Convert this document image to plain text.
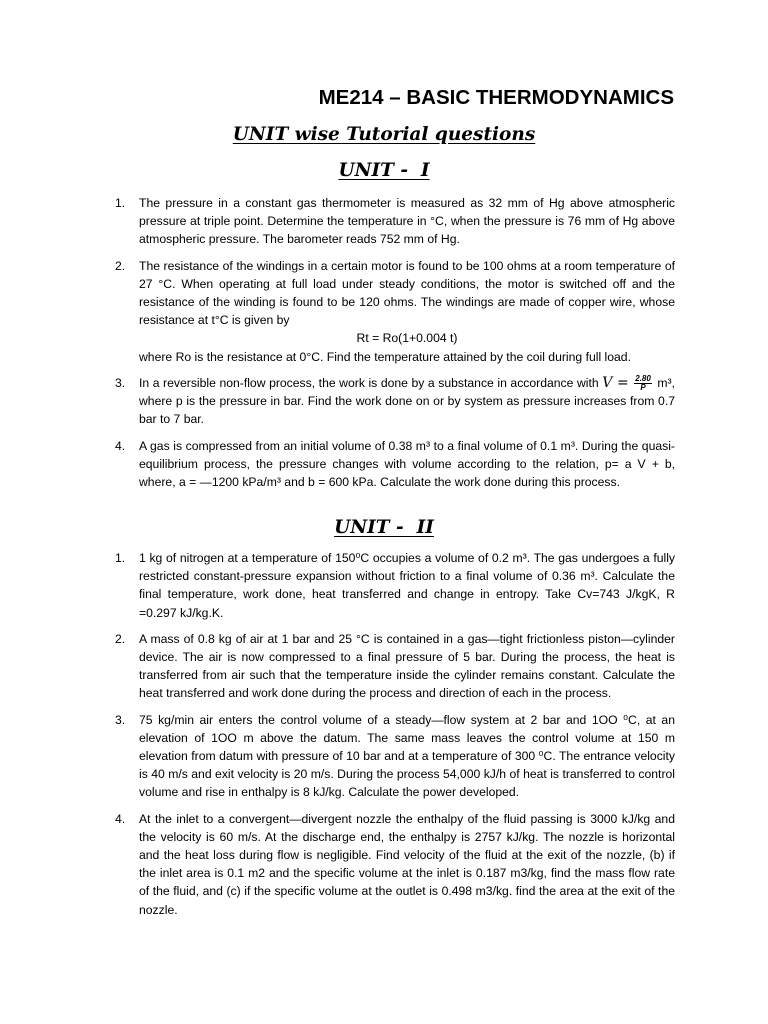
ME214 – BASIC THERMODYNAMICS
UNIT wise Tutorial questions
UNIT -  I
1. The pressure in a constant gas thermometer is measured as 32 mm of Hg above atmospheric pressure at triple point. Determine the temperature in °C, when the pressure is 76 mm of Hg above atmospheric pressure. The barometer reads 752 mm of Hg.
2. The resistance of the windings in a certain motor is found to be 100 ohms at a room temperature of 27 °C. When operating at full load under steady conditions, the motor is switched off and the resistance of the winding is found to be 120 ohms. The windings are made of copper wire, whose resistance at t°C is given by
Rt = Ro(1+0.004 t)
where Ro is the resistance at 0°C. Find the temperature attained by the coil during full load.
3. In a reversible non-flow process, the work is done by a substance in accordance with $V = \frac{2.80}{P} m^3$, where p is the pressure in bar. Find the work done on or by system as pressure increases from 0.7 bar to 7 bar.
4. A gas is compressed from an initial volume of 0.38 m³ to a final volume of 0.1 m³. During the quasi-equilibrium process, the pressure changes with volume according to the relation, p= a V + b, where, a = —1200 kPa/m³ and b = 600 kPa. Calculate the work done during this process.
UNIT -  II
1. 1 kg of nitrogen at a temperature of 150⁰C occupies a volume of 0.2 m³. The gas undergoes a fully restricted constant-pressure expansion without friction to a final volume of 0.36 m³. Calculate the final temperature, work done, heat transferred and change in entropy. Take Cv=743 J/kgK, R =0.297 kJ/kg.K.
2. A mass of 0.8 kg of air at 1 bar and 25 °C is contained in a gas—tight frictionless piston—cylinder device. The air is now compressed to a final pressure of 5 bar. During the process, the heat is transferred from air such that the temperature inside the cylinder remains constant. Calculate the heat transferred and work done during the process and direction of each in the process.
3. 75 kg/min air enters the control volume of a steady—flow system at 2 bar and 1OO ⁰C, at an elevation of 1OO m above the datum. The same mass leaves the control volume at 150 m elevation from datum with pressure of 10 bar and at a temperature of 300 ⁰C. The entrance velocity is 40 m/s and exit velocity is 20 m/s. During the process 54,000 kJ/h of heat is transferred to control volume and rise in enthalpy is 8 kJ/kg. Calculate the power developed.
4. At the inlet to a convergent—divergent nozzle the enthalpy of the fluid passing is 3000 kJ/kg and the velocity is 60 m/s. At the discharge end, the enthalpy is 2757 kJ/kg. The nozzle is horizontal and the heat loss during flow is negligible. Find velocity of the fluid at the exit of the nozzle, (b) if the inlet area is 0.1 m2 and the specific volume at the inlet is 0.187 m3/kg, find the mass flow rate of the fluid, and (c) if the specific volume at the outlet is 0.498 m3/kg. find the area at the exit of the nozzle.
